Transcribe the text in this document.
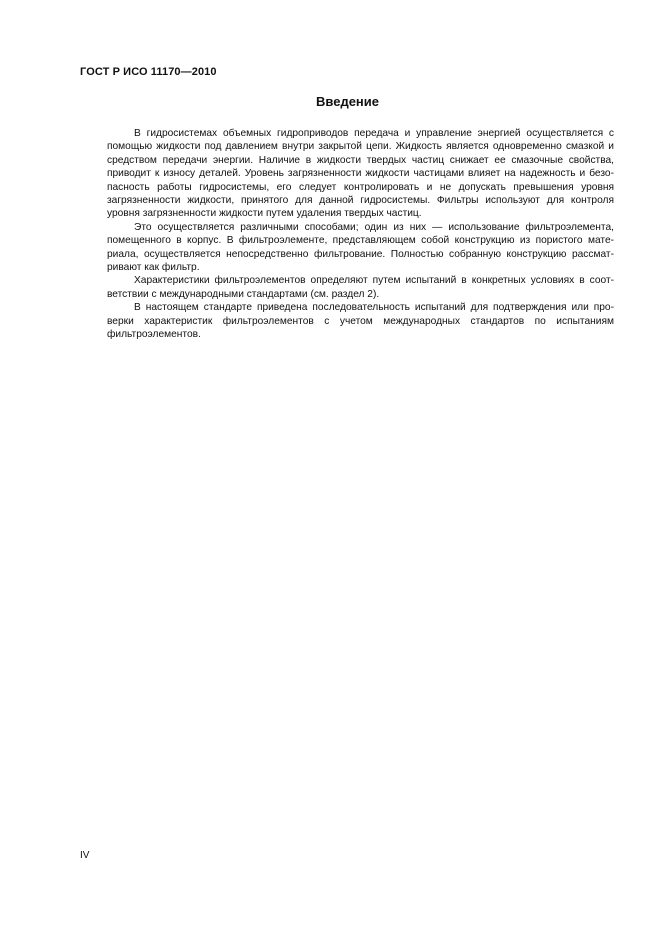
ГОСТ Р ИСО 11170—2010
Введение

В гидросистемах объемных гидроприводов передача и управление энергией осуществляется с
помощью жидкости под давлением внутри закрытой цепи. Жидкость является одновременно смазкой и
средством передачи энергии. Наличие в жидкости твердых частиц снижает ее смазочные свойства,
приводит к износу деталей. Уровень загрязненности жидкости частицами влияет на надежность и безо-
пасность работы гидросистемы, его следует контролировать и не допускать превышения уровня
загрязненности жидкости, принятого для данной гидросистемы. Фильтры используют для контроля
уровня загрязненности жидкости путем удаления твердых частиц.

Это осуществляется различными способами; один из них — использование фильтроэлемента,
помещенного в корпус. В фильтроэлементе, представляющем собой конструкцию из пористого мате-
риала, осуществляется непосредственно фильтрование. Полностью собранную конструкцию рассмат-
ривают как фильтр.

Характеристики фильтроэлементов определяют путем испытаний в конкретных условиях в соот-
ветствии с международными стандартами (см. раздел 2).

В настоящем стандарте приведена последовательность испытаний для подтверждения или про-
верки характеристик фильтроэлементов с учетом международных стандартов по испытаниям
фильтроэлементов.

IV
